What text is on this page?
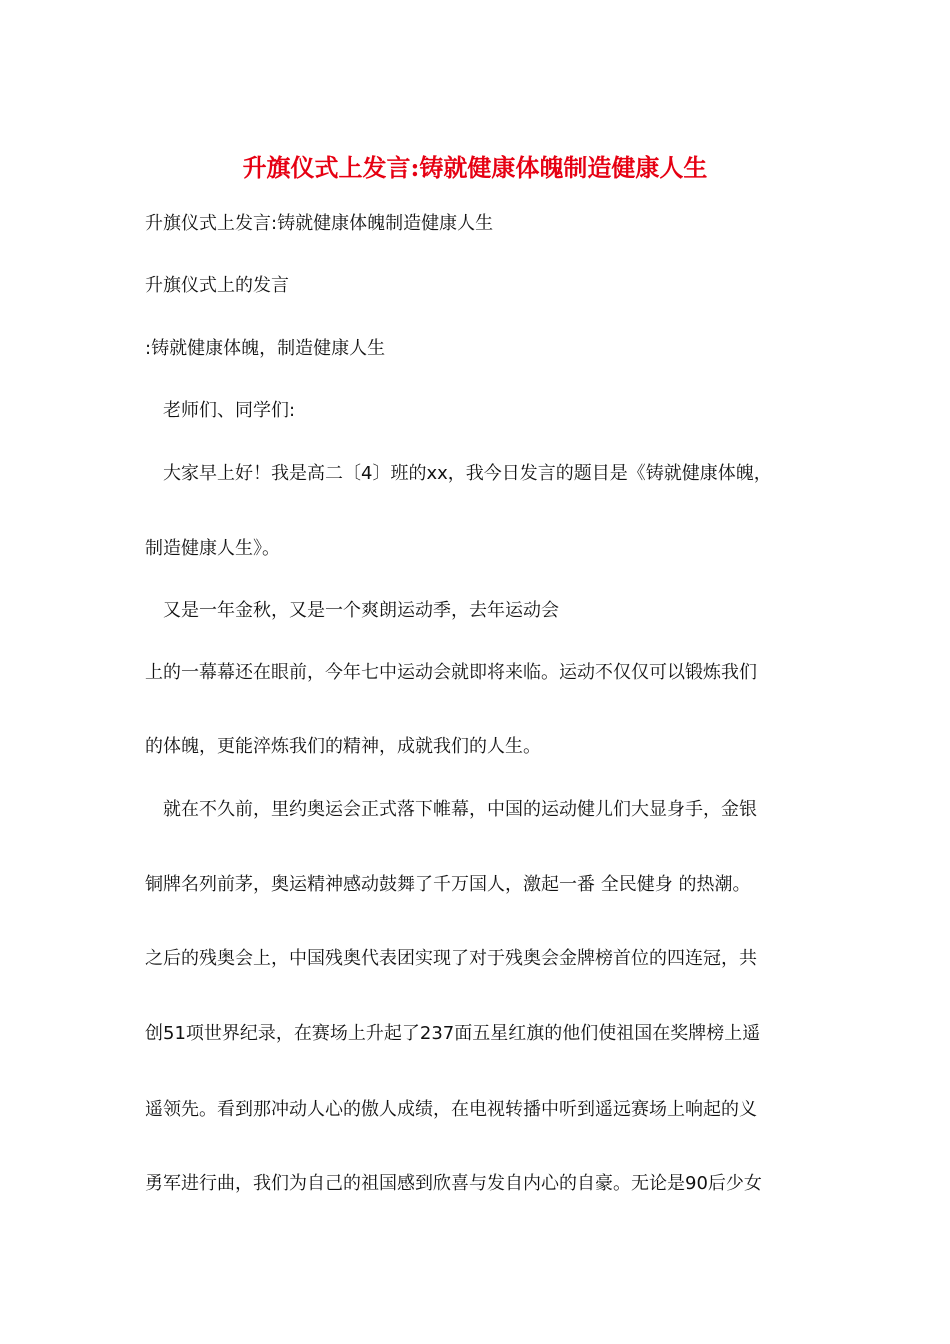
升旗仪式上发言:铸就健康体魄制造健康人生
升旗仪式上发言:铸就健康体魄制造健康人生
升旗仪式上的发言
:铸就健康体魄，制造健康人生
老师们、同学们:
大家早上好！我是高二〔4〕班的xx，我今日发言的题目是《铸就健康体魄，
制造健康人生》。
又是一年金秋，又是一个爽朗运动季，去年运动会
上的一幕幕还在眼前，今年七中运动会就即将来临。运动不仅仅可以锻炼我们
的体魄，更能淬炼我们的精神，成就我们的人生。
就在不久前，里约奥运会正式落下帷幕，中国的运动健儿们大显身手，金银
铜牌名列前茅，奥运精神感动鼓舞了千万国人，激起一番 全民健身 的热潮。
之后的残奥会上，中国残奥代表团实现了对于残奥会金牌榜首位的四连冠，共
创51项世界纪录，在赛场上升起了237面五星红旗的他们使祖国在奖牌榜上遥
遥领先。看到那冲动人心的傲人成绩，在电视转播中听到遥远赛场上响起的义
勇军进行曲，我们为自己的祖国感到欣喜与发自内心的自豪。无论是90后少女
